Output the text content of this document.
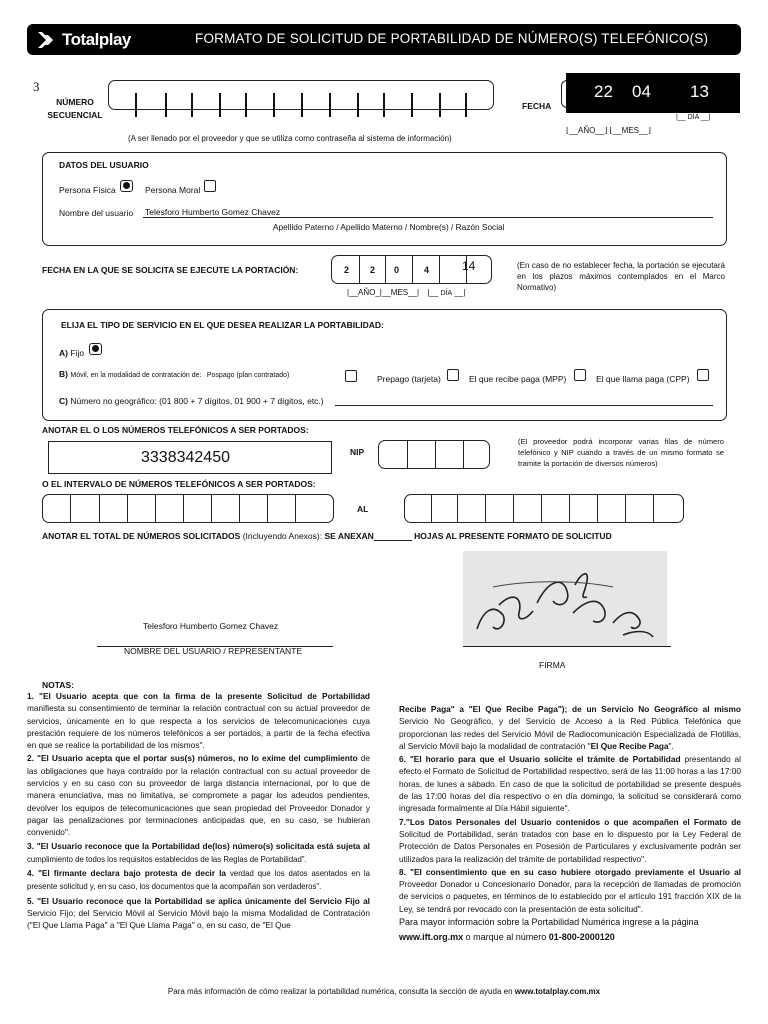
Totalplay	FORMATO DE SOLICITUD DE PORTABILIDAD DE NÚMERO(S) TELEFÓNICO(S)
3
NÚMERO
SECUENCIAL
(A ser llenado por el proveedor y que se utiliza como contraseña al sistema de información)
FECHA
22 04 13
|__ DÍA __|
⌊__AÑO__⌋ ⌊__MES__⌋
DATOS DEL USUARIO
Persona Física	Persona Moral
Nombre del usuario Telesforo Humberto Gomez Chavez
Apellido Paterno / Apellido Materno / Nombre(s) / Razón Social
FECHA EN LA QUE SE SOLICITA SE EJECUTE LA PORTACIÓN:	2 2 0	4	14
|__AÑO_|__MES__| |__ DÍA __|
(En caso de no establecer fecha, la portación se ejecutará en los plazos máximos contemplados en el Marco Normativo)
ELIJA EL TIPO DE SERVICIO EN EL QUE DESEA REALIZAR LA PORTABILIDAD:
A) Fijo
B) Móvil, en la modalidad de contratación de: Pospago (plan contratado)	Prepago (tarjeta)	El que recibe paga (MPP)	El que llama paga (CPP)
C) Número no geográfico: (01 800 + 7 dígitos, 01 900 + 7 dígitos, etc.)
ANOTAR EL O LOS NÚMEROS TELEFÓNICOS A SER PORTADOS:
3338342450	NIP
(El proveedor podrá incorporar varias filas de número telefónico y NIP cuando a través de un mismo formato se tramite la portación de diversos números)
O EL INTERVALO DE NÚMEROS TELEFÓNICOS A SER PORTADOS:
AL
ANOTAR EL TOTAL DE NÚMEROS SOLICITADOS (Incluyendo Anexos): SE ANEXAN	HOJAS AL PRESENTE FORMATO DE SOLICITUD
FIRMA
Telesforo Humberto Gomez Chavez
NOMBRE DEL USUARIO / REPRESENTANTE
NOTAS:

1. "El Usuario acepta que con la firma de la presente Solicitud de Portabilidad manifiesta su consentimiento de terminar la relación contractual con su actual proveedor de servicios, únicamente en lo que respecta a los servicios de telecomunicaciones cuya prestación requiere de los números telefónicos a ser portados, a partir de la fecha efectiva en que se realice la portabilidad de los mismos".

2. "El Usuario acepta que el portar sus(s) números, no lo exime del cumplimiento de las obligaciones que haya contraído por la relación contractual con su actual proveedor de servicios y en su caso con su proveedor de larga distancia internacional, por lo que de manera enunciativa, mas no limitativa, se compromete a pagar los adeudos pendientes, devolver los equipos de telecomunicaciones que sean propiedad del Proveedor Donador y pagar las penalizaciones por terminaciones anticipadas que, en su caso, se hubieran convenido".

3. "El Usuario reconoce que la Portabilidad de(los) número(s) solicitada está sujeta al cumplimiento de todos los requisitos establecidos de las Reglas de Portabilidad".

4. "El firmante declara bajo protesta de decir la verdad que los datos asentados en la presente solicitud y, en su caso, los documentos que la acompañan son verdaderos".

5. "El Usuario reconoce que la Portabilidad se aplica únicamente del Servicio Fijo al Servicio Fijo; del Servicio Móvil al Servicio Móvil bajo la misma Modalidad de Contratación ("El Que Llama Paga" a "El Que Llama Paga" o, en su caso, de "El Que

Recibe Paga" a "El Que Recibe Paga"); de un Servicio No Geográfico al mismo Servicio No Geográfico, y del Servicio de Acceso a la Red Pública Telefónica que proporcionan las redes del Servicio Móvil de Radiocomunicación Especializada de Flotillas, al Servicio Móvil bajo la modalidad de contratación "El Que Recibe Paga".

6. "El horario para que el Usuario solicite el trámite de Portabilidad presentando al efecto el Formato de Solicitud de Portabilidad respectivo, será de las 11:00 horas a las 17:00 horas, de lunes a sábado. En caso de que la solicitud de portabilidad se presente después de las 17:00 horas del día respectivo o en día domingo, la solicitud se considerará como ingresada formalmente al Día Hábil siguiente".

7."Los Datos Personales del Usuario contenidos o que acompañen el Formato de Solicitud de Portabilidad, serán tratados con base en lo dispuesto por la Ley Federal de Protección de Datos Personales en Posesión de Particulares y exclusivamente podrán ser utilizados para la realización del trámite de portabilidad respectivo".

8. "El consentimiento que en su caso hubiere otorgado previamente el Usuario al Proveedor Donador u Concesionario Donador, para la recepción de llamadas de promoción de servicios o paquetes, en términos de lo establecido por el artículo 191 fracción XIX de la Ley, se tendrá por revocado con la presentación de esta solicitud".

Para mayor información sobre la Portabilidad Numérica ingrese a la página

www.ift.org.mx o marque al número 01-800-2000120

Para más información de cómo realizar la portabilidad numérica, consulta la sección de ayuda en www.totalplay.com.mx
